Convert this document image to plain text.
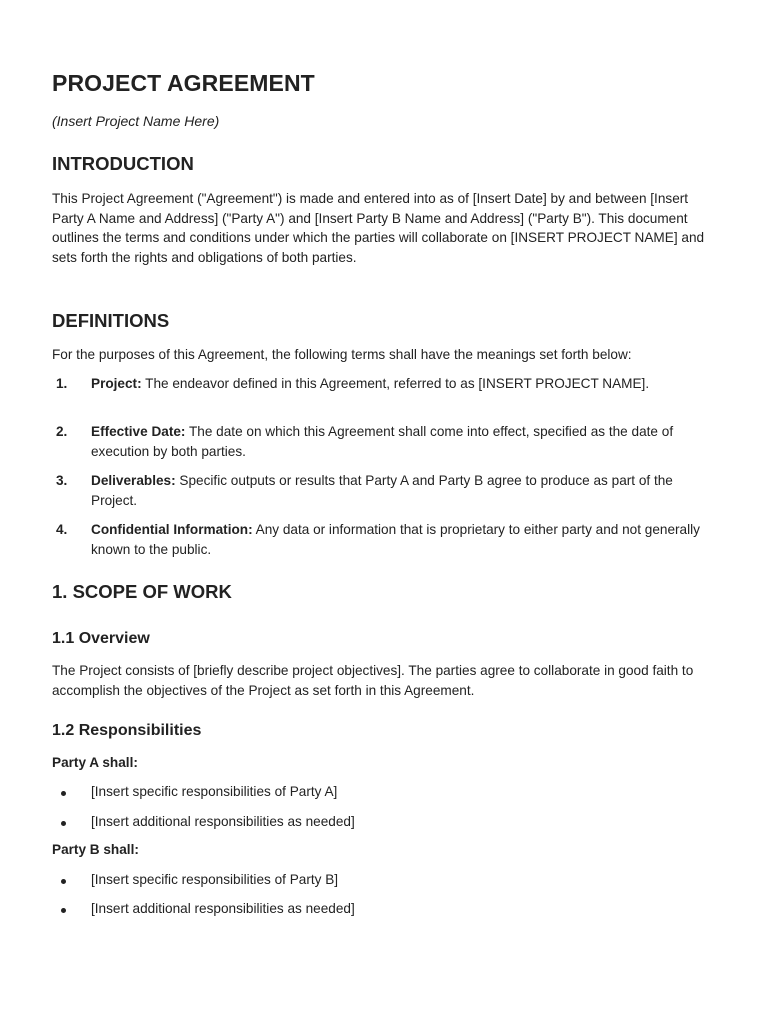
PROJECT AGREEMENT

(Insert Project Name Here)

INTRODUCTION

This Project Agreement ("Agreement") is made and entered into as of [Insert Date] by and between [Insert Party A Name and Address] ("Party A") and [Insert Party B Name and Address] ("Party B"). This document outlines the terms and conditions under which the parties will collaborate on [INSERT PROJECT NAME] and sets forth the rights and obligations of both parties.

DEFINITIONS

For the purposes of this Agreement, the following terms shall have the meanings set forth below:

1.	Project: The endeavor defined in this Agreement, referred to as [INSERT PROJECT NAME].
2.	Effective Date: The date on which this Agreement shall come into effect, specified as the date of execution by both parties.
3.	Deliverables: Specific outputs or results that Party A and Party B agree to produce as part of the Project.
4.	Confidential Information: Any data or information that is proprietary to either party and not generally known to the public.
1. SCOPE OF WORK
1.1 Overview

The Project consists of [briefly describe project objectives]. The parties agree to collaborate in good faith to accomplish the objectives of the Project as set forth in this Agreement.

1.2 Responsibilities

Party A shall:

[Insert specific responsibilities of Party A]
[Insert additional responsibilities as needed]

Party B shall:

[Insert specific responsibilities of Party B]
[Insert additional responsibilities as needed]
